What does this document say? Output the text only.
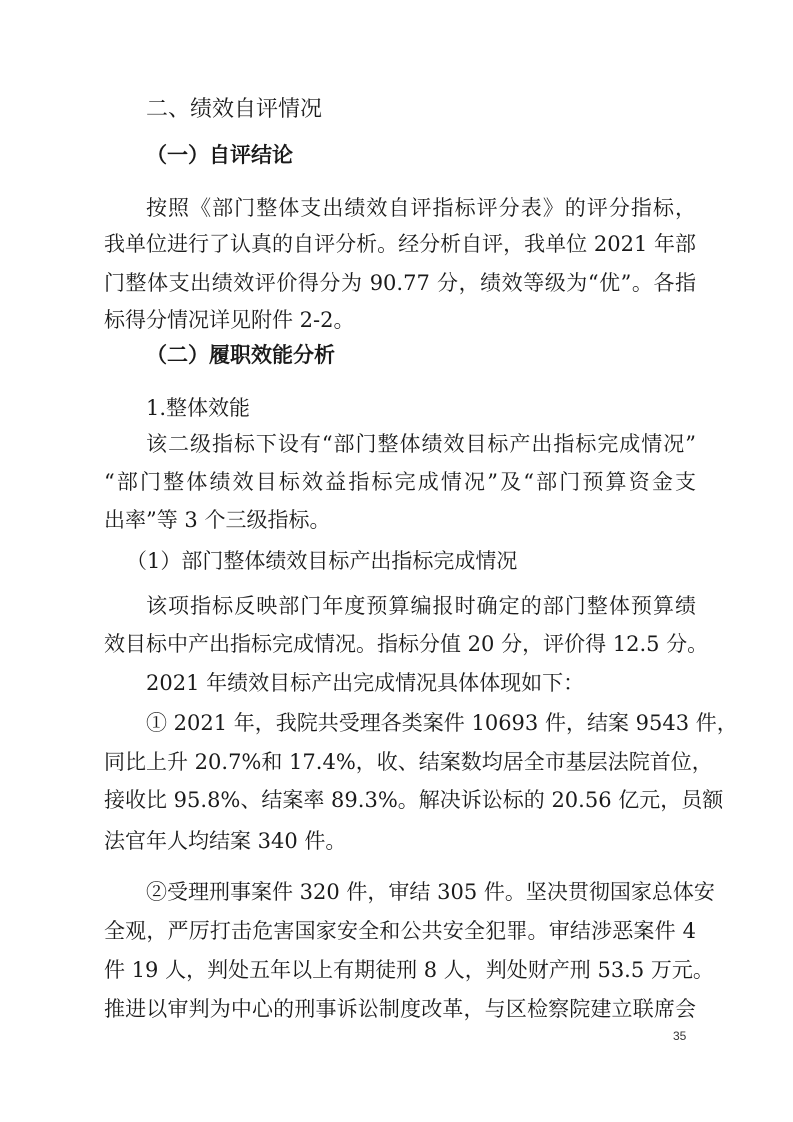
二、绩效自评情况
（一）自评结论
按照《部门整体支出绩效自评指标评分表》的评分指标，
我单位进行了认真的自评分析。经分析自评，我单位 2021 年部
门整体支出绩效评价得分为 90.77 分，绩效等级为“优”。各指
标得分情况详见附件 2-2。
（二）履职效能分析
1.整体效能
该二级指标下设有“部门整体绩效目标产出指标完成情况”
“部门整体绩效目标效益指标完成情况”及“部门预算资金支
出率”等 3 个三级指标。
（1）部门整体绩效目标产出指标完成情况
该项指标反映部门年度预算编报时确定的部门整体预算绩
效目标中产出指标完成情况。指标分值 20 分，评价得 12.5 分。
2021 年绩效目标产出完成情况具体体现如下：
① 2021 年，我院共受理各类案件 10693 件，结案 9543 件，
同比上升 20.7%和 17.4%，收、结案数均居全市基层法院首位，
接收比 95.8%、结案率 89.3%。解决诉讼标的 20.56 亿元，员额
法官年人均结案 340 件。
②受理刑事案件 320 件，审结 305 件。坚决贯彻国家总体安
全观，严厉打击危害国家安全和公共安全犯罪。审结涉恶案件 4
件 19 人，判处五年以上有期徒刑 8 人，判处财产刑 53.5 万元。
推进以审判为中心的刑事诉讼制度改革，与区检察院建立联席会
35
